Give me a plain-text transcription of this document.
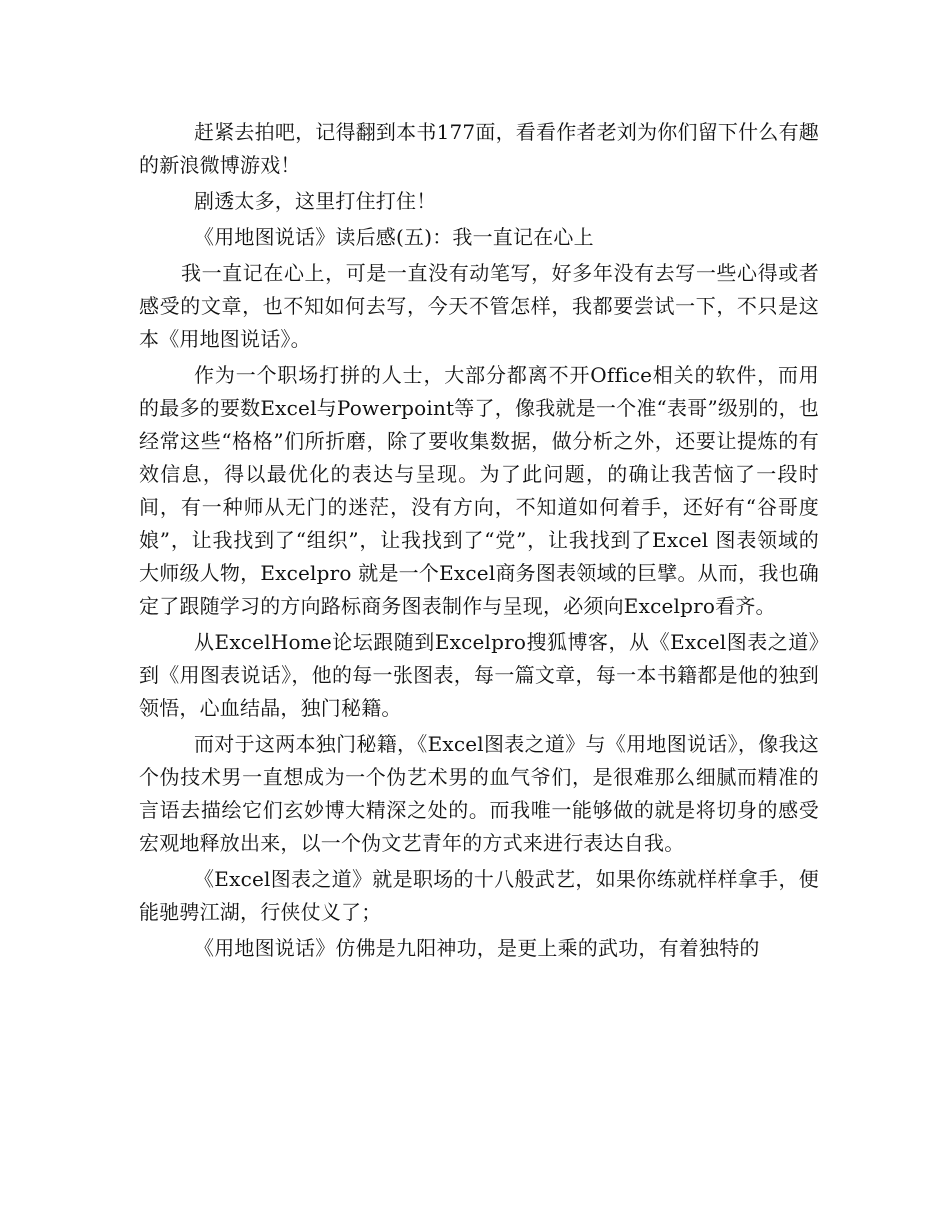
赶紧去拍吧，记得翻到本书177面，看看作者老刘为你们留下什么有趣的新浪微博游戏！

剧透太多，这里打住打住！

《用地图说话》读后感(五)：我一直记在心上

我一直记在心上，可是一直没有动笔写，好多年没有去写一些心得或者感受的文章，也不知如何去写，今天不管怎样，我都要尝试一下，不只是这本《用地图说话》。

作为一个职场打拼的人士，大部分都离不开Office相关的软件，而用的最多的要数Excel与Powerpoint等了，像我就是一个准“表哥”级别的，也经常这些“格格”们所折磨，除了要收集数据，做分析之外，还要让提炼的有效信息，得以最优化的表达与呈现。为了此问题，的确让我苦恼了一段时间，有一种师从无门的迷茫，没有方向，不知道如何着手，还好有“谷哥度娘”，让我找到了“组织”，让我找到了“党”，让我找到了Excel 图表领域的大师级人物，Excelpro 就是一个Excel商务图表领域的巨擘。从而，我也确定了跟随学习的方向路标商务图表制作与呈现，必须向Excelpro看齐。

从ExcelHome论坛跟随到Excelpro搜狐博客，从《Excel图表之道》到《用图表说话》，他的每一张图表，每一篇文章，每一本书籍都是他的独到领悟，心血结晶，独门秘籍。

而对于这两本独门秘籍，《Excel图表之道》与《用地图说话》，像我这个伪技术男一直想成为一个伪艺术男的血气爷们，是很难那么细腻而精准的言语去描绘它们玄妙博大精深之处的。而我唯一能够做的就是将切身的感受宏观地释放出来，以一个伪文艺青年的方式来进行表达自我。

《Excel图表之道》就是职场的十八般武艺，如果你练就样样拿手，便能驰骋江湖，行侠仗义了；

《用地图说话》仿佛是九阳神功，是更上乘的武功，有着独特的
